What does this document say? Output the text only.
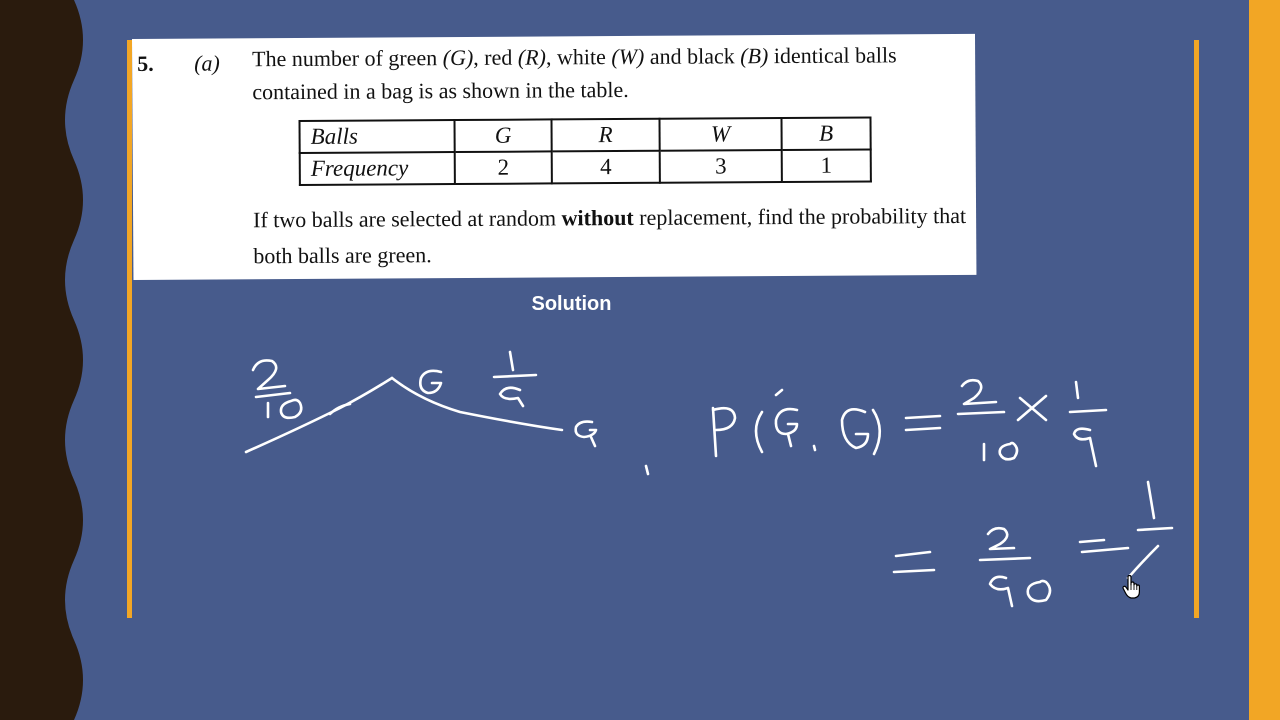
5. (a) The number of green (G), red (R), white (W) and black (B) identical balls contained in a bag is as shown in the table.
Balls	G	R	W	B
Frequency	2	4	3	1
If two balls are selected at random without replacement, find the probability that both balls are green.
Solution
